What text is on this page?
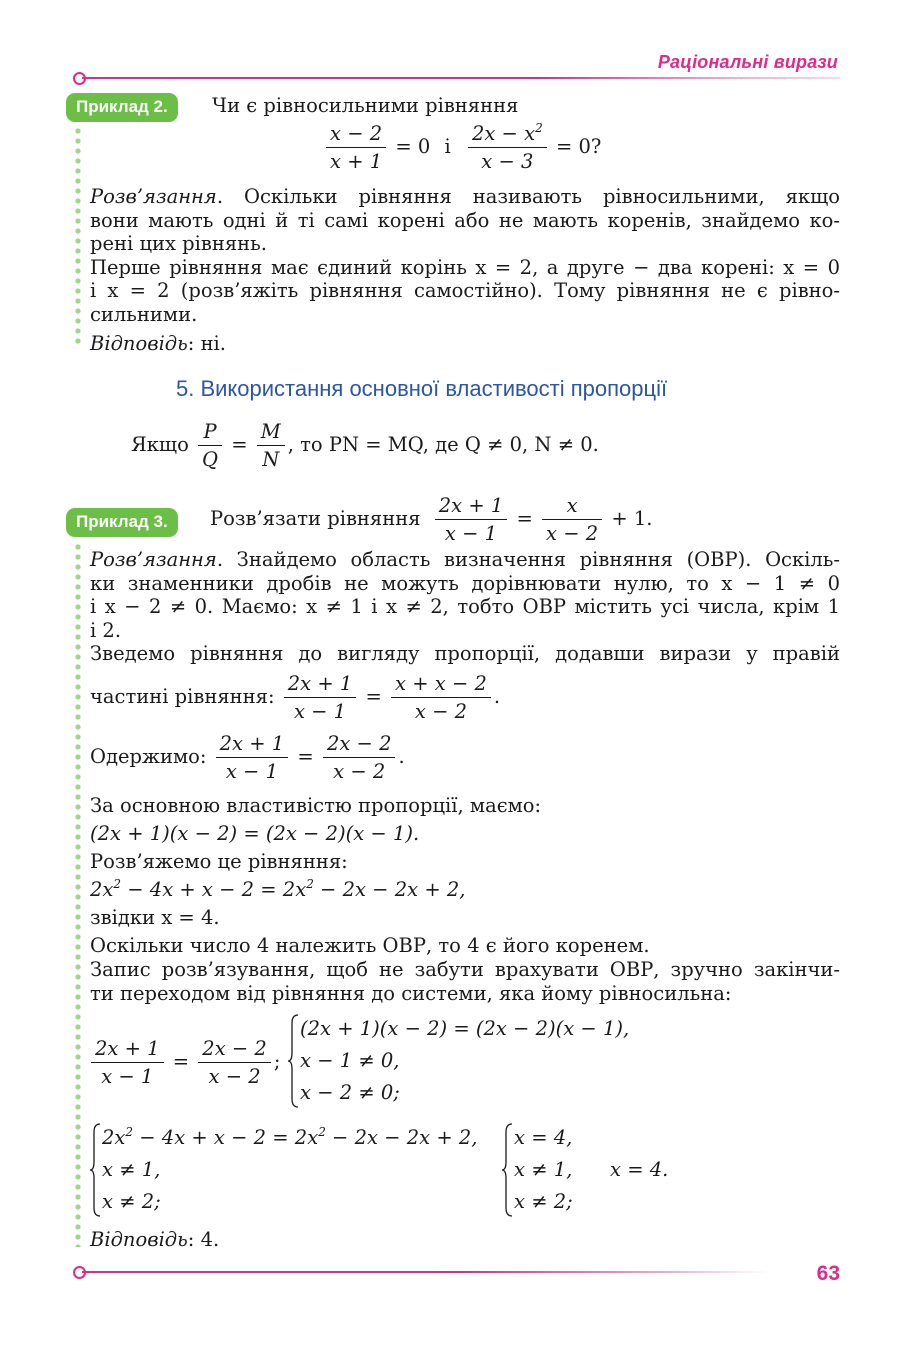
Раціональні вирази
Приклад 2.	Чи є рівносильними рівняння
$\frac{x - 2}{x + 1} = 0$ і $\frac{2x - x^2}{x - 3} = 0$?
Розв’язання. Оскільки рівняння називають рівносильними, якщо
вони мають одні й ті самі корені або не мають коренів, знайдемо ко-
рені цих рівнянь.
Перше рівняння має єдиний корінь x = 2, а друге − два корені: x = 0
і x = 2 (розв’яжіть рівняння самостійно). Тому рівняння не є рівно-
сильними.
Відповідь: ні.
5. Використання основної властивості пропорції
Якщо $\frac{P}{Q} = \frac{M}{N}$ , то PN = MQ, де Q ≠ 0, N ≠ 0.
Приклад 3.	Розв’язати рівняння $\frac{2x + 1}{x - 1} = \frac{x}{x - 2} + 1$.
Розв’язання. Знайдемо область визначення рівняння (ОВР). Оскіль-
ки знаменники дробів не можуть дорівнювати нулю, то x − 1 ≠ 0
і x − 2 ≠ 0. Маємо: x ≠ 1 і x ≠ 2, тобто ОВР містить усі числа, крім 1
і 2.
Зведемо рівняння до вигляду пропорції, додавши вирази у правій
частині рівняння: $\frac{2x + 1}{x - 1} = \frac{x + x - 2}{x - 2}$ .
Одержимо: $\frac{2x + 1}{x - 1} = \frac{2x - 2}{x - 2}$ .
За основною властивістю пропорції, маємо:
(2x + 1)(x − 2) = (2x − 2)(x − 1).
Розв’яжемо це рівняння:
$2x^2 - 4x + x - 2 = 2x^2 - 2x - 2x + 2$,
звідки x = 4.
Оскільки число 4 належить ОВР, то 4 є його коренем.
Запис розв’язування, щоб не забути врахувати ОВР, зручно закінчи-
ти переходом від рівняння до системи, яка йому рівносильна:
$\frac{2x + 1}{x - 1} = \frac{2x - 2}{x - 2}$ ;
(2x + 1)(x − 2) = (2x − 2)(x − 1),
x − 1 ≠ 0,
x − 2 ≠ 0;
$2x^2 - 4x + x - 2 = 2x^2 - 2x - 2x + 2$,
x ≠ 1,
x ≠ 2;
x = 4,
x ≠ 1,
x ≠ 2;
x = 4.
Відповідь: 4.
63
